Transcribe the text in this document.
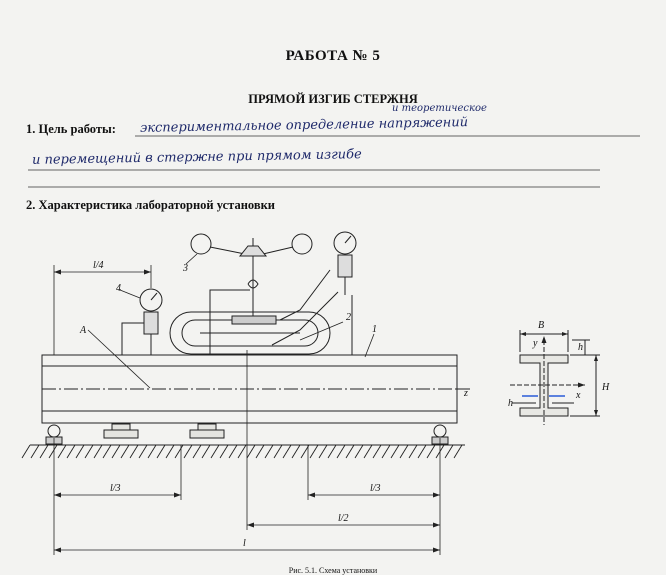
РАБОТА № 5
ПРЯМОЙ ИЗГИБ СТЕРЖНЯ
и теоретическое
1. Цель работы: экспериментальное определение напряжений
и перемещений в стержне при прямом изгибе
2. Характеристика лабораторной установки
1
2
3
4
A
z
l/4
l/3	l/3
l/2
l
B
y	h
H
x
h
Рис. 5.1. Схема установки
